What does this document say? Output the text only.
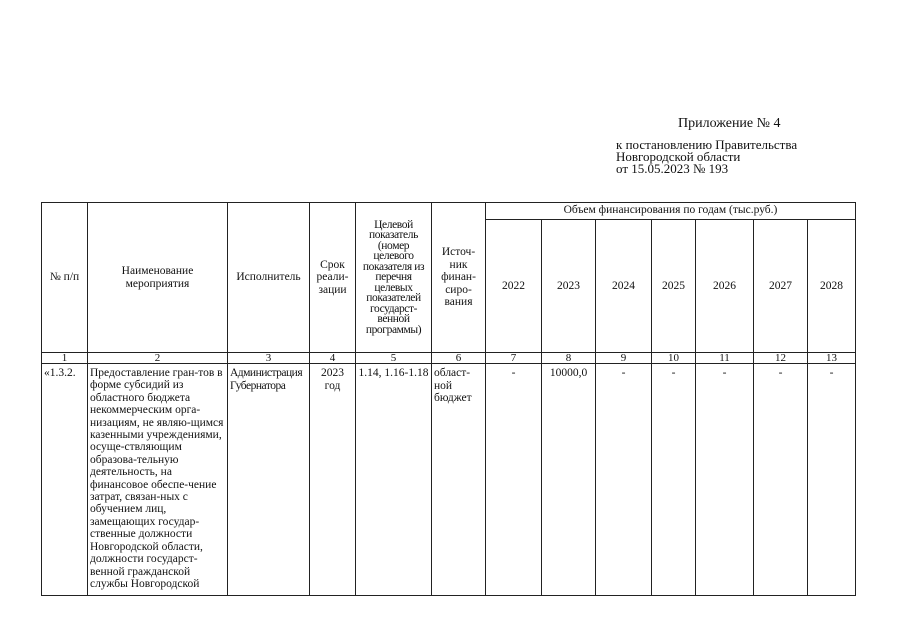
Приложение № 4
к постановлению Правительства
Новгородской области
от 15.05.2023 № 193
№ п/п	Наименование мероприятия	Исполнитель	Срок реали-зации	Целевой показатель (номер целевого показателя из перечня целевых показателей государст-венной программы)	Источ-ник финан-сиро-вания	Объем финансирования по годам (тыс.руб.)						
						2022	2023	2024	2025	2026	2027	2028
1	2	3	4	5	6	7	8	9	10	11	12	13
«1.3.2.	Предоставление гран-тов в форме субсидий из областного бюджета некоммерческим орга-низациям, не являю-щимся казенными учреждениями, осуще-ствляющим образова-тельную деятельность, на финансовое обеспе-чение затрат, связан-ных с обучением лиц, замещающих государ-ственные должности Новгородской области, должности государст-венной гражданской службы Новгородской	Администрация Губернатора	2023 год	1.14, 1.16-1.18	област-ной бюджет	-	10000,0	-	-	-	-	-
